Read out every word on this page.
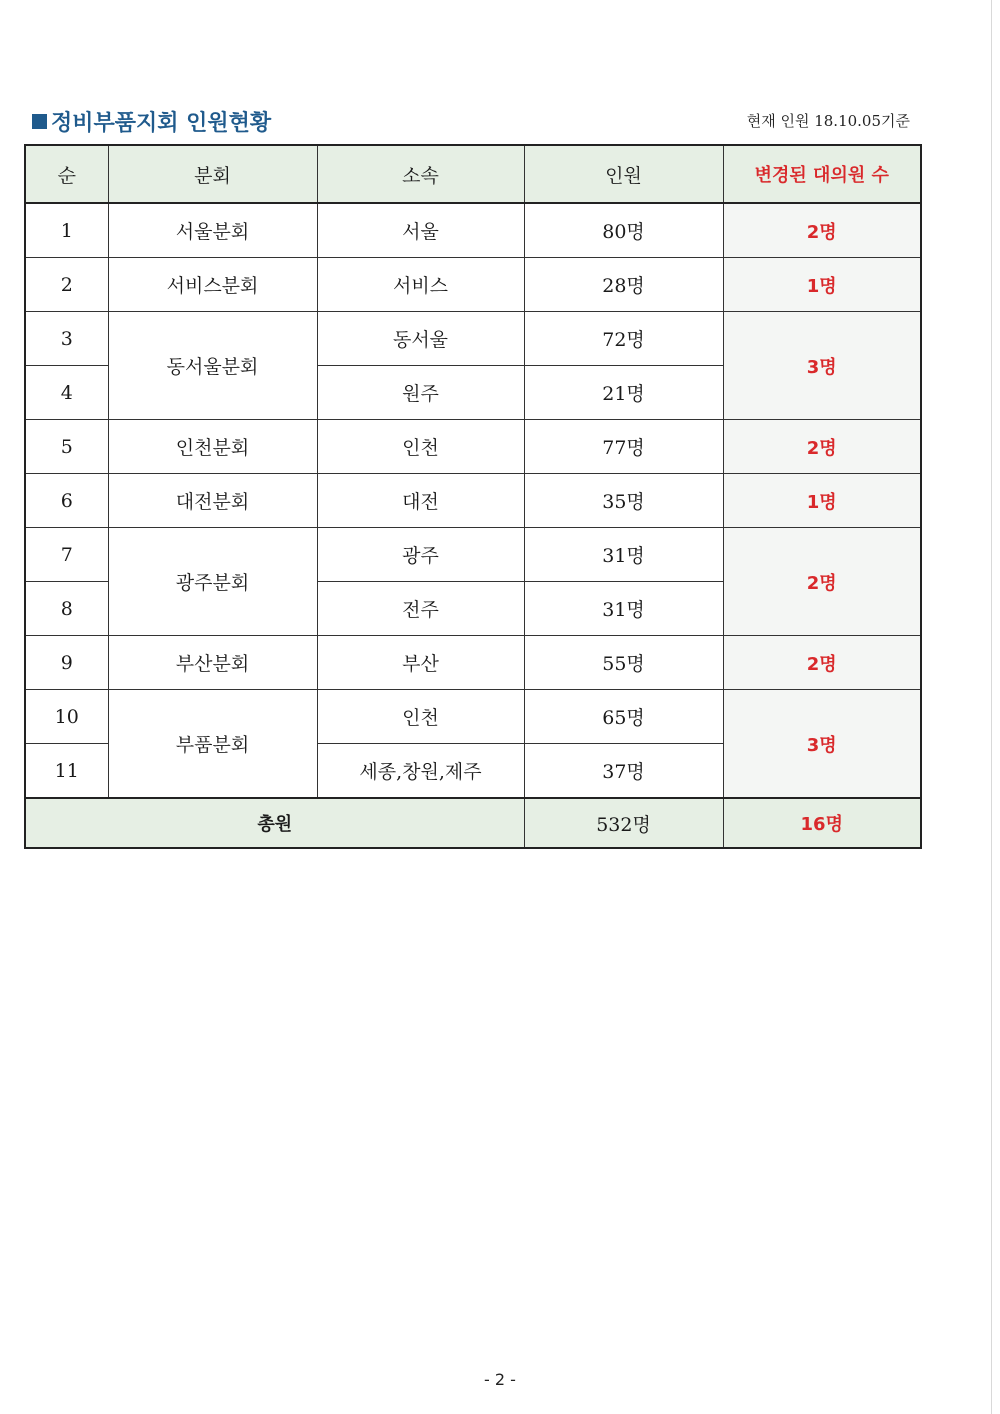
정비부품지회 인원현황	현재 인원 18.10.05기준
순	분회	소속	인원	변경된 대의원 수
1	서울분회	서울	80명	2명
2	서비스분회	서비스	28명	1명
3	동서울분회	동서울	72명	3명
4		원주	21명	
5	인천분회	인천	77명	2명
6	대전분회	대전	35명	1명
7	광주분회	광주	31명	2명
8		전주	31명	
9	부산분회	부산	55명	2명
10	부품분회	인천	65명	3명
11		세종,창원,제주	37명	
총원			532명	16명
- 2 -
